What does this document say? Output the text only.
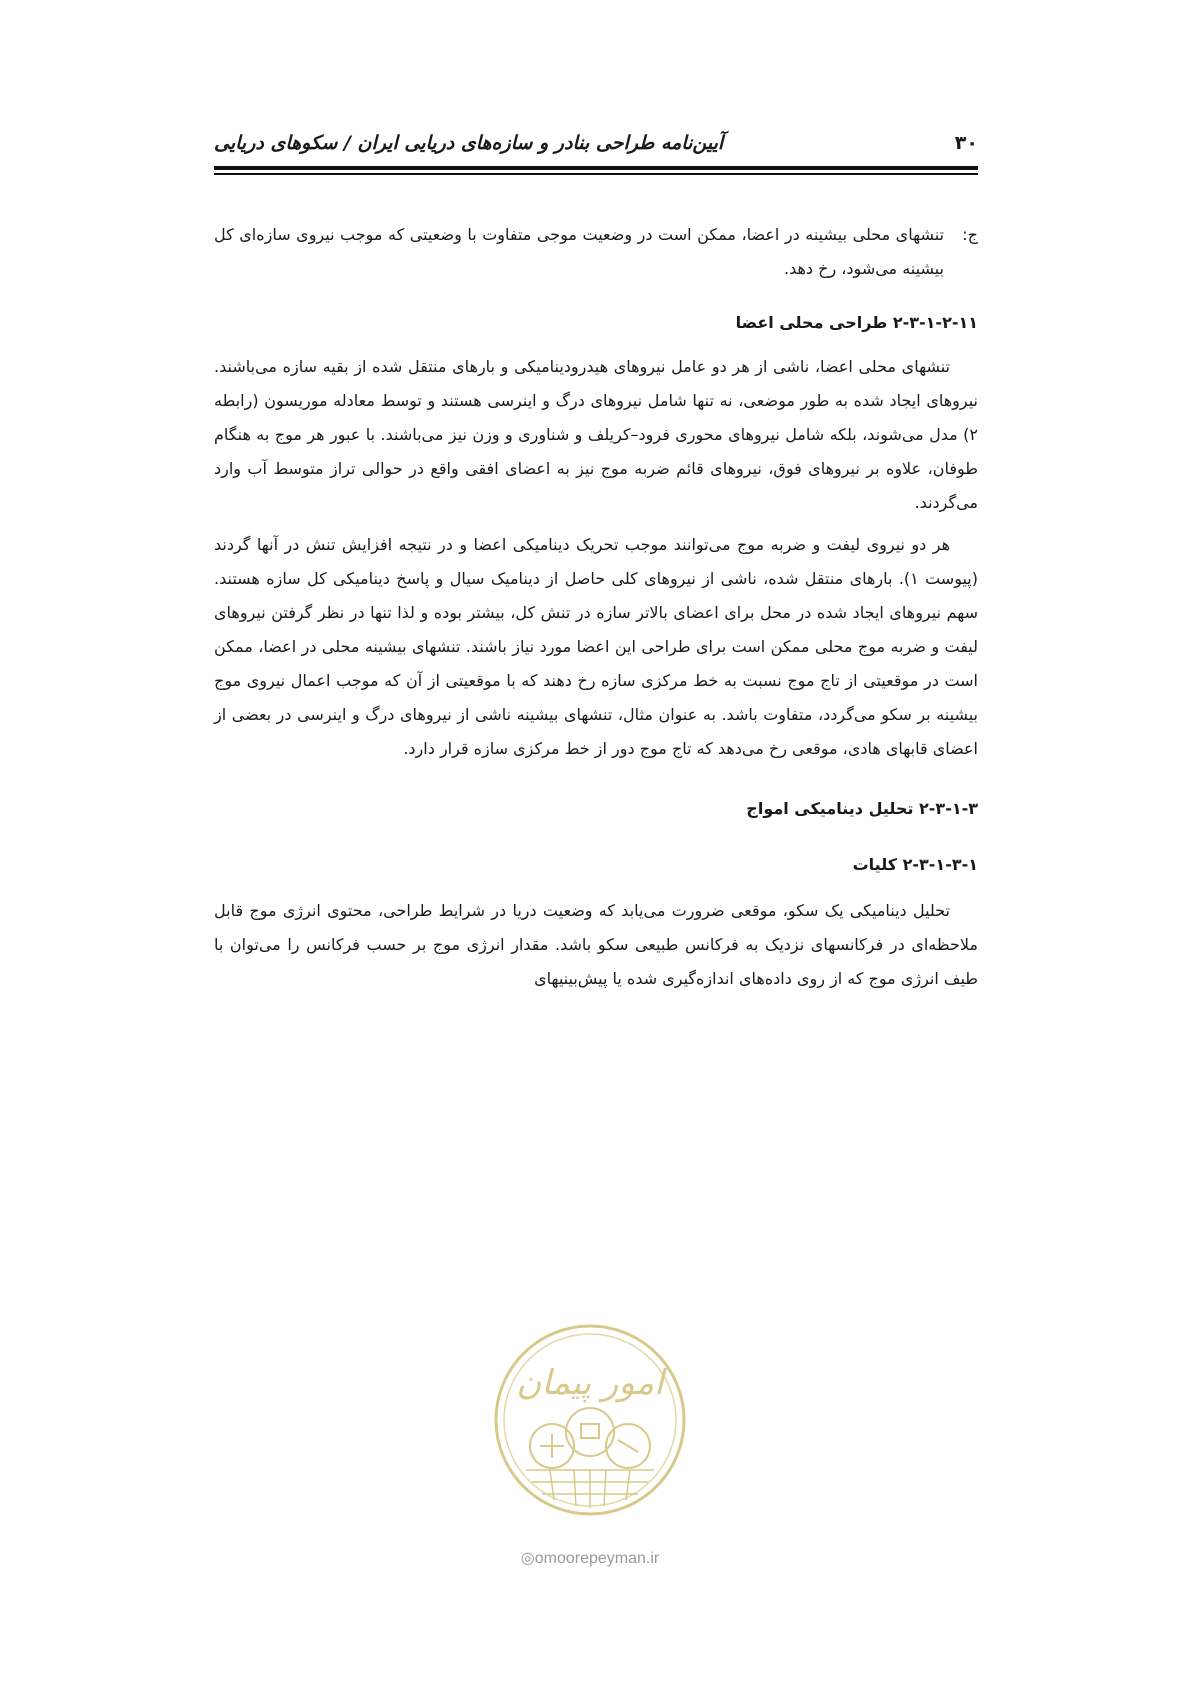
۳۰
آیین‌نامه طراحی بنادر و سازه‌های دریایی ایران / سکوهای دریایی
ج:
تنشهای محلی بیشینه در اعضا، ممکن است در وضعیت موجی متفاوت با وضعیتی که موجب نیروی سازه‌ای کل بیشینه می‌شود، رخ دهد.

۲-۳-۱-۲-۱۱ طراحی محلی اعضا

تنشهای محلی اعضا، ناشی از هر دو عامل نیروهای هیدرودینامیکی و بارهای منتقل شده از بقیه سازه می‌باشند. نیروهای ایجاد شده به طور موضعی، نه تنها شامل نیروهای درگ و اینرسی هستند و توسط معادله موریسون (رابطه ۲) مدل می‌شوند، بلکه شامل نیروهای محوری فرود–کریلف و شناوری و وزن نیز می‌باشند. با عبور هر موج به هنگام طوفان، علاوه بر نیروهای فوق، نیروهای قائم ضربه موج نیز به اعضای افقی واقع در حوالی تراز متوسط آب وارد می‌گردند.

هر دو نیروی لیفت و ضربه موج می‌توانند موجب تحریک دینامیکی اعضا و در نتیجه افزایش تنش در آنها گردند (پیوست ۱). بارهای منتقل شده، ناشی از نیروهای کلی حاصل از دینامیک سیال و پاسخ دینامیکی کل سازه هستند. سهم نیروهای ایجاد شده در محل برای اعضای بالاتر سازه در تنش کل، بیشتر بوده و لذا تنها در نظر گرفتن نیروهای لیفت و ضربه موج محلی ممکن است برای طراحی این اعضا مورد نیاز باشند. تنشهای بیشینه محلی در اعضا، ممکن است در موقعیتی از تاج موج نسبت به خط مرکزی سازه رخ دهند که با موقعیتی از آن که موجب اعمال نیروی موج بیشینه بر سکو می‌گردد، متفاوت باشد. به عنوان مثال، تنشهای بیشینه ناشی از نیروهای درگ و اینرسی در بعضی از اعضای قابهای هادی، موقعی رخ می‌دهد که تاج موج دور از خط مرکزی سازه قرار دارد.

۲-۳-۱-۳ تحلیل دینامیکی امواج

۲-۳-۱-۳-۱ کلیات

تحلیل دینامیکی یک سکو، موقعی ضرورت می‌یابد که وضعیت دریا در شرایط طراحی، محتوی انرژی موج قابل ملاحظه‌ای در فرکانسهای نزدیک به فرکانس طبیعی سکو باشد. مقدار انرژی موج بر حسب فرکانس را می‌توان با طیف انرژی موج که از روی داده‌های اندازه‌گیری شده یا پیش‌بینیهای

امور پیمان
◎omoorepeyman.ir
